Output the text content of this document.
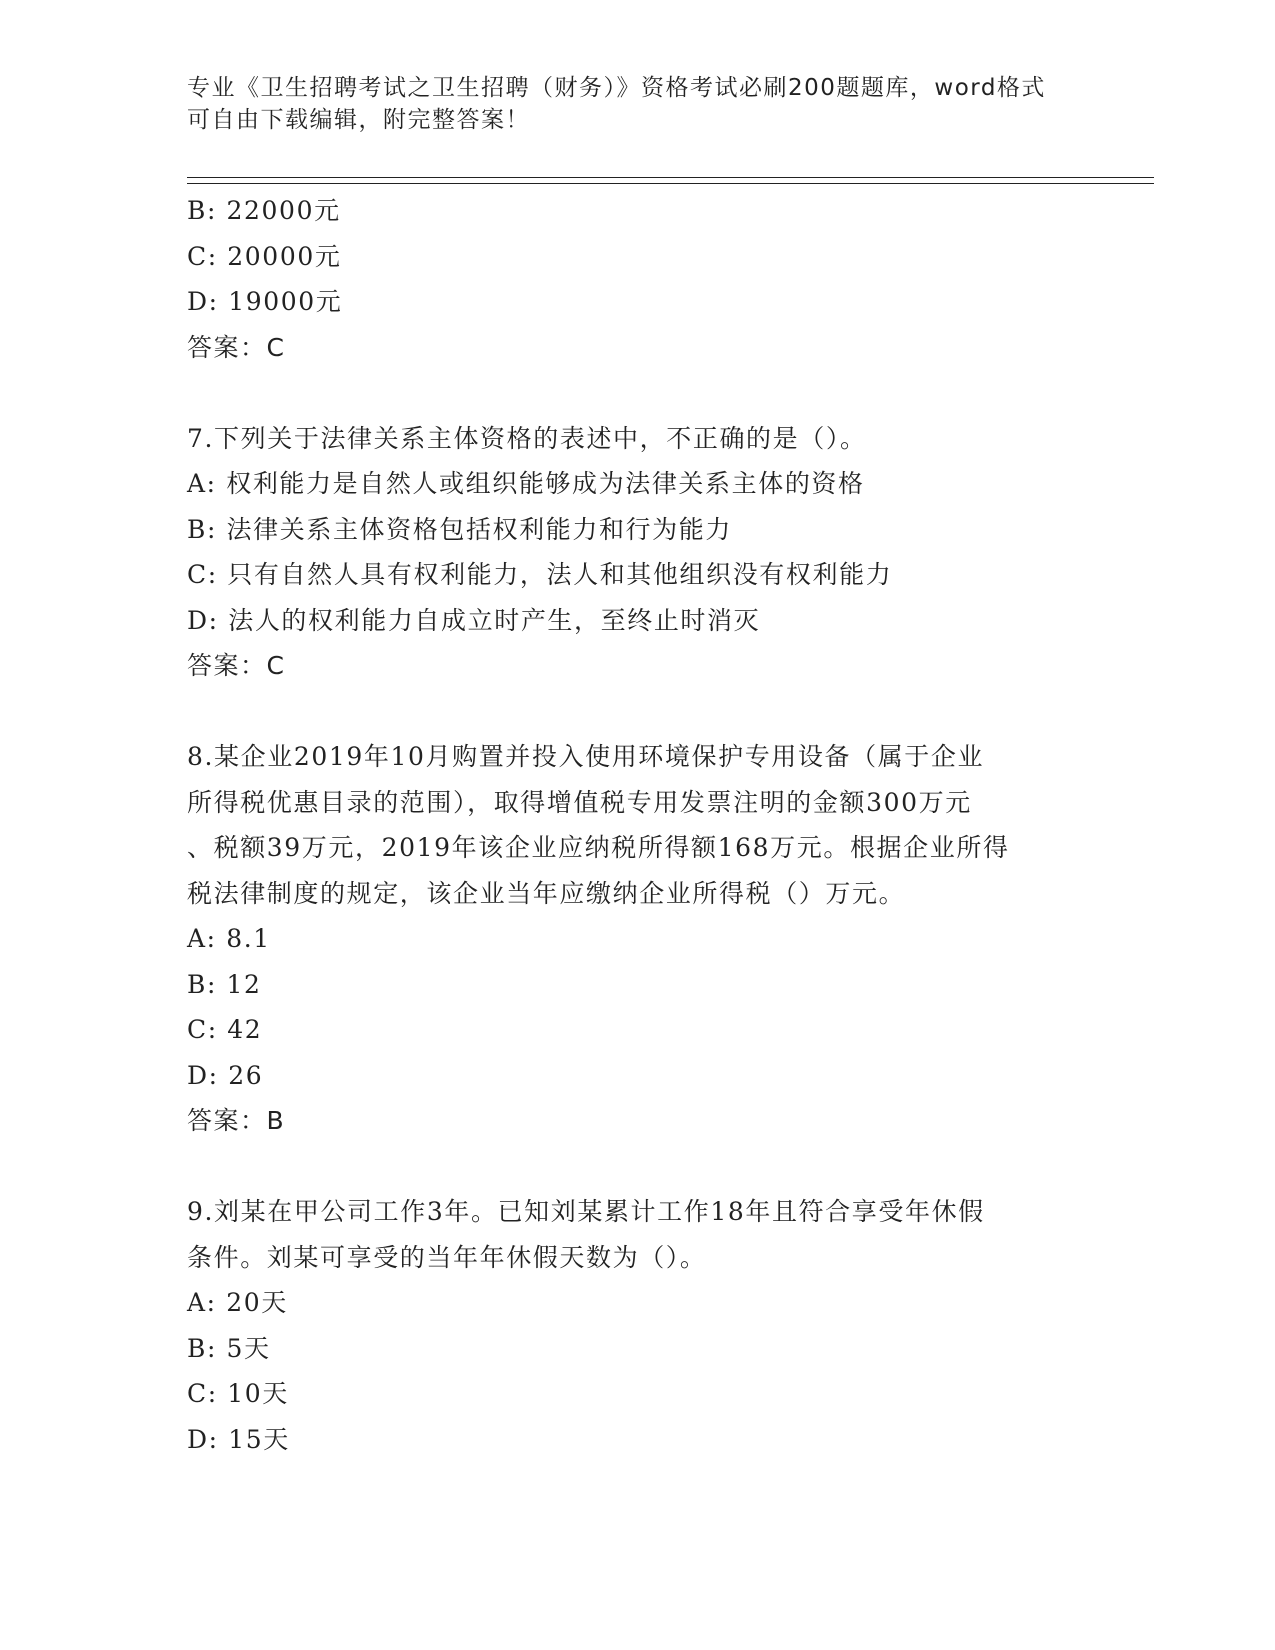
专业《卫生招聘考试之卫生招聘（财务）》资格考试必刷200题题库，word格式
可自由下载编辑，附完整答案！
B: 22000元
C: 20000元
D: 19000元
答案：C
7.下列关于法律关系主体资格的表述中，不正确的是（）。
A: 权利能力是自然人或组织能够成为法律关系主体的资格
B: 法律关系主体资格包括权利能力和行为能力
C: 只有自然人具有权利能力，法人和其他组织没有权利能力
D: 法人的权利能力自成立时产生，至终止时消灭
答案：C
8.某企业2019年10月购置并投入使用环境保护专用设备（属于企业
所得税优惠目录的范围），取得增值税专用发票注明的金额300万元
、税额39万元，2019年该企业应纳税所得额168万元。根据企业所得
税法律制度的规定，该企业当年应缴纳企业所得税（）万元。
A: 8.1
B: 12
C: 42
D: 26
答案：B
9.刘某在甲公司工作3年。已知刘某累计工作18年且符合享受年休假
条件。刘某可享受的当年年休假天数为（）。
A: 20天
B: 5天
C: 10天
D: 15天
